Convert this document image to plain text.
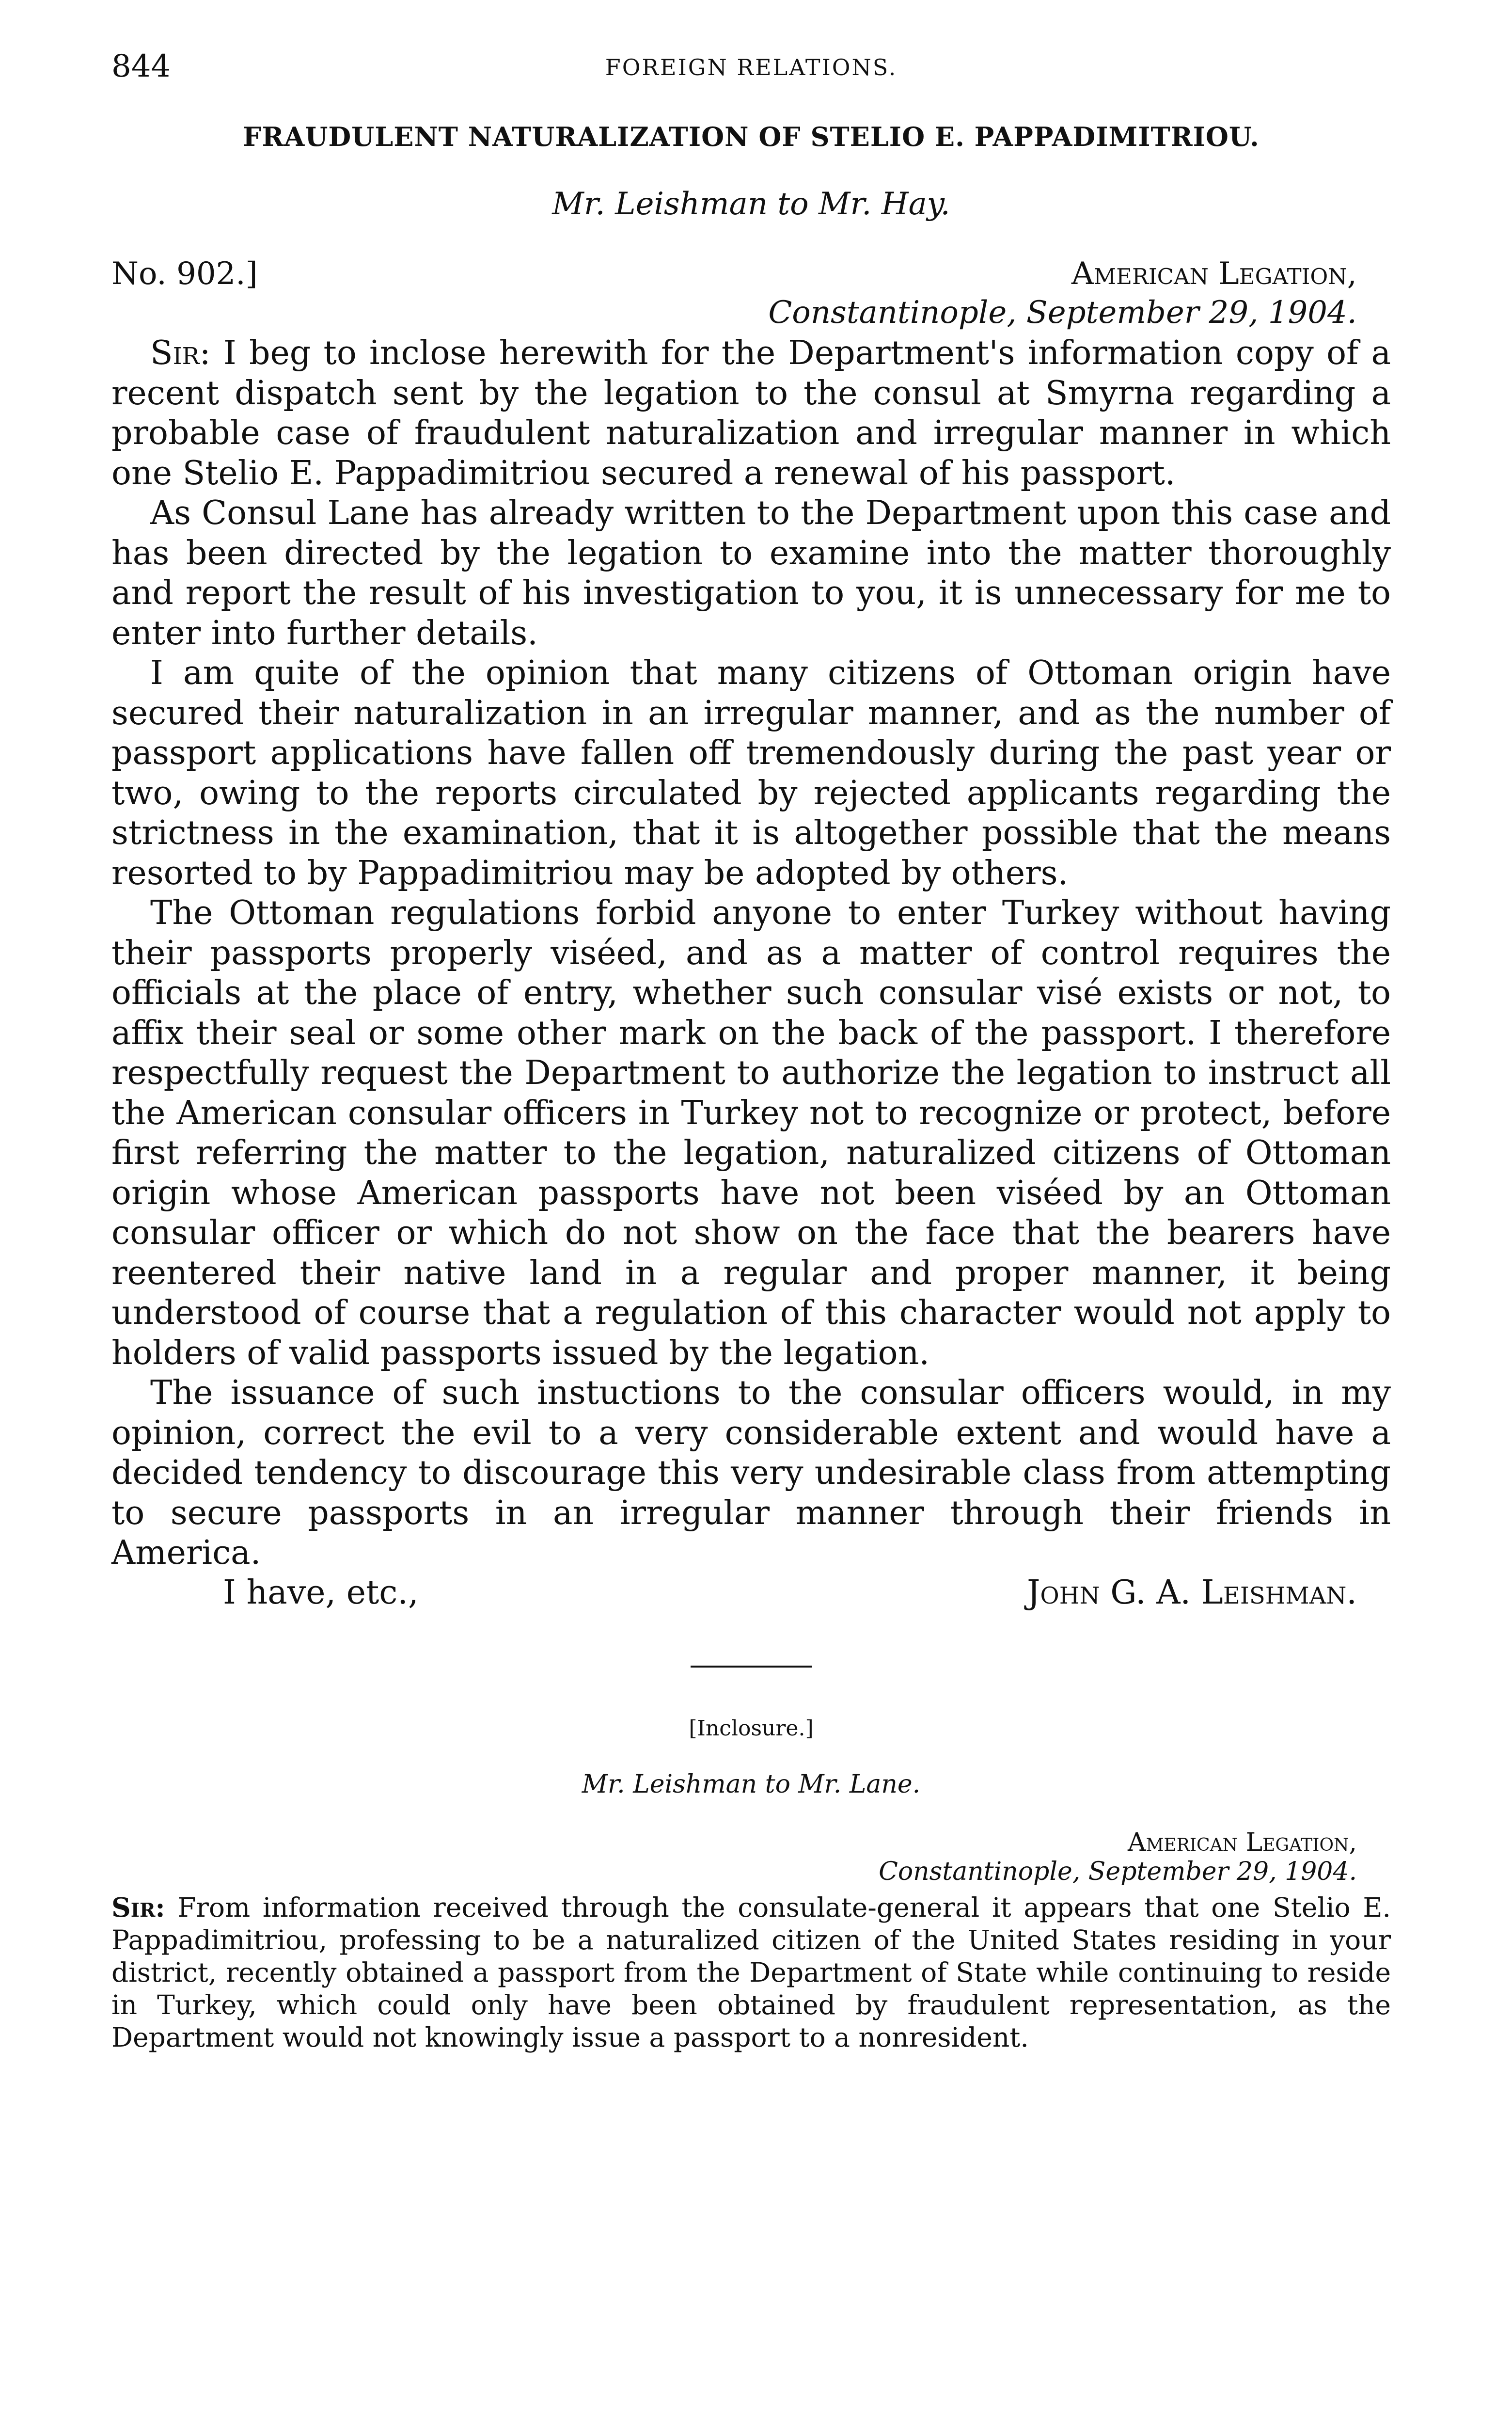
844	FOREIGN RELATIONS.
FRAUDULENT NATURALIZATION OF STELIO E. PAPPADIMITRIOU.
Mr. Leishman to Mr. Hay.
No. 902.]	American Legation,
Constantinople, September 29, 1904.

Sir: I beg to inclose herewith for the Department's information copy of a recent dispatch sent by the legation to the consul at Smyrna regarding a probable case of fraudulent naturalization and irregular manner in which one Stelio E. Pappadimitriou secured a renewal of his passport.

As Consul Lane has already written to the Department upon this case and has been directed by the legation to examine into the matter thoroughly and report the result of his investigation to you, it is unnecessary for me to enter into further details.

I am quite of the opinion that many citizens of Ottoman origin have secured their naturalization in an irregular manner, and as the number of passport applications have fallen off tremendously during the past year or two, owing to the reports circulated by rejected applicants regarding the strictness in the examination, that it is altogether possible that the means resorted to by Pappadimitriou may be adopted by others.

The Ottoman regulations forbid anyone to enter Turkey without having their passports properly viséed, and as a matter of control requires the officials at the place of entry, whether such consular visé exists or not, to affix their seal or some other mark on the back of the passport. I therefore respectfully request the Department to authorize the legation to instruct all the American consular officers in Turkey not to recognize or protect, before first referring the matter to the legation, naturalized citizens of Ottoman origin whose American passports have not been viséed by an Ottoman consular officer or which do not show on the face that the bearers have reentered their native land in a regular and proper manner, it being understood of course that a regulation of this character would not apply to holders of valid passports issued by the legation.

The issuance of such instuctions to the consular officers would, in my opinion, correct the evil to a very considerable extent and would have a decided tendency to discourage this very undesirable class from attempting to secure passports in an irregular manner through their friends in America.

I have, etc.,	John G. A. Leishman.
[Inclosure.]
Mr. Leishman to Mr. Lane.
American Legation,
Constantinople, September 29, 1904.

Sir: From information received through the consulate-general it appears that one Stelio E. Pappadimitriou, professing to be a naturalized citizen of the United States residing in your district, recently obtained a passport from the Department of State while continuing to reside in Turkey, which could only have been obtained by fraudulent representation, as the Department would not knowingly issue a passport to a nonresident.
